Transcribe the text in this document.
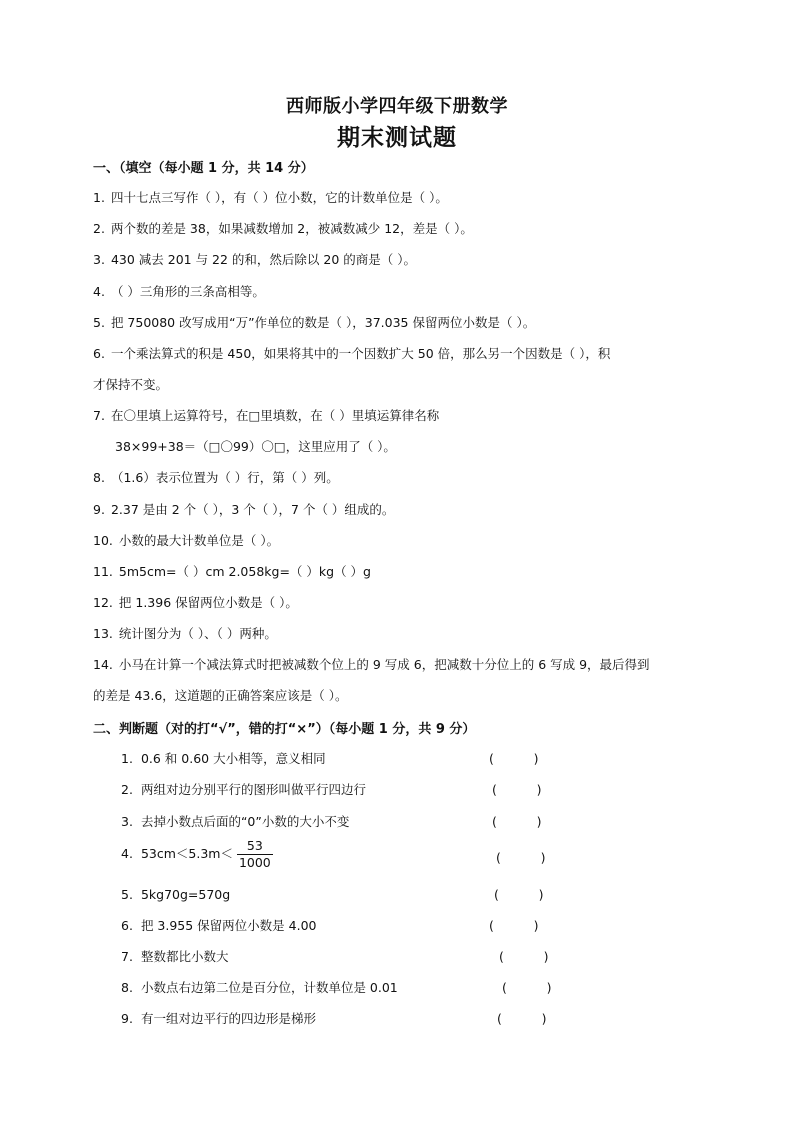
西师版小学四年级下册数学
期末测试题
一、（填空（每小题 1 分，共 14 分）
1. 四十七点三写作（ ），有（ ）位小数，它的计数单位是（ ）。
2. 两个数的差是 38，如果减数增加 2，被减数减少 12，差是（ ）。
3. 430 减去 201 与 22 的和，然后除以 20 的商是（ ）。
4. （ ）三角形的三条高相等。
5. 把 750080 改写成用“万”作单位的数是（ ），37.035 保留两位小数是（ ）。
6. 一个乘法算式的积是 450，如果将其中的一个因数扩大 50 倍，那么另一个因数是（ ），积
才保持不变。
7. 在〇里填上运算符号，在□里填数，在（ ）里填运算律名称
38×99+38＝（□〇99）〇□，这里应用了（ ）。
8. （1.6）表示位置为（ ）行，第（ ）列。
9. 2.37 是由 2 个（ ），3 个（ ），7 个（ ）组成的。
10. 小数的最大计数单位是（ ）。
11. 5m5cm=（ ）cm 2.058kg=（ ）kg（ ）g
12. 把 1.396 保留两位小数是（ ）。
13. 统计图分为（ ）、（ ）两种。
14. 小马在计算一个减法算式时把被减数个位上的 9 写成 6，把减数十分位上的 6 写成 9，最后得到
的差是 43.6，这道题的正确答案应该是（ ）。
二、判断题（对的打“√”，错的打“×”）（每小题 1 分，共 9 分）
1. 0.6 和 0.60 大小相等，意义相同	(          )
2. 两组对边分别平行的图形叫做平行四边行	(          )
3. 去掉小数点后面的“0”小数的大小不变	(          )
4. $53cm<5.3m< \frac{53}{1000}$	(          )
5. 5kg70g=570g	(          )
6. 把 3.955 保留两位小数是 4.00	(          )
7. 整数都比小数大	(          )
8. 小数点右边第二位是百分位，计数单位是 0.01	(          )
9. 有一组对边平行的四边形是梯形	(          )
